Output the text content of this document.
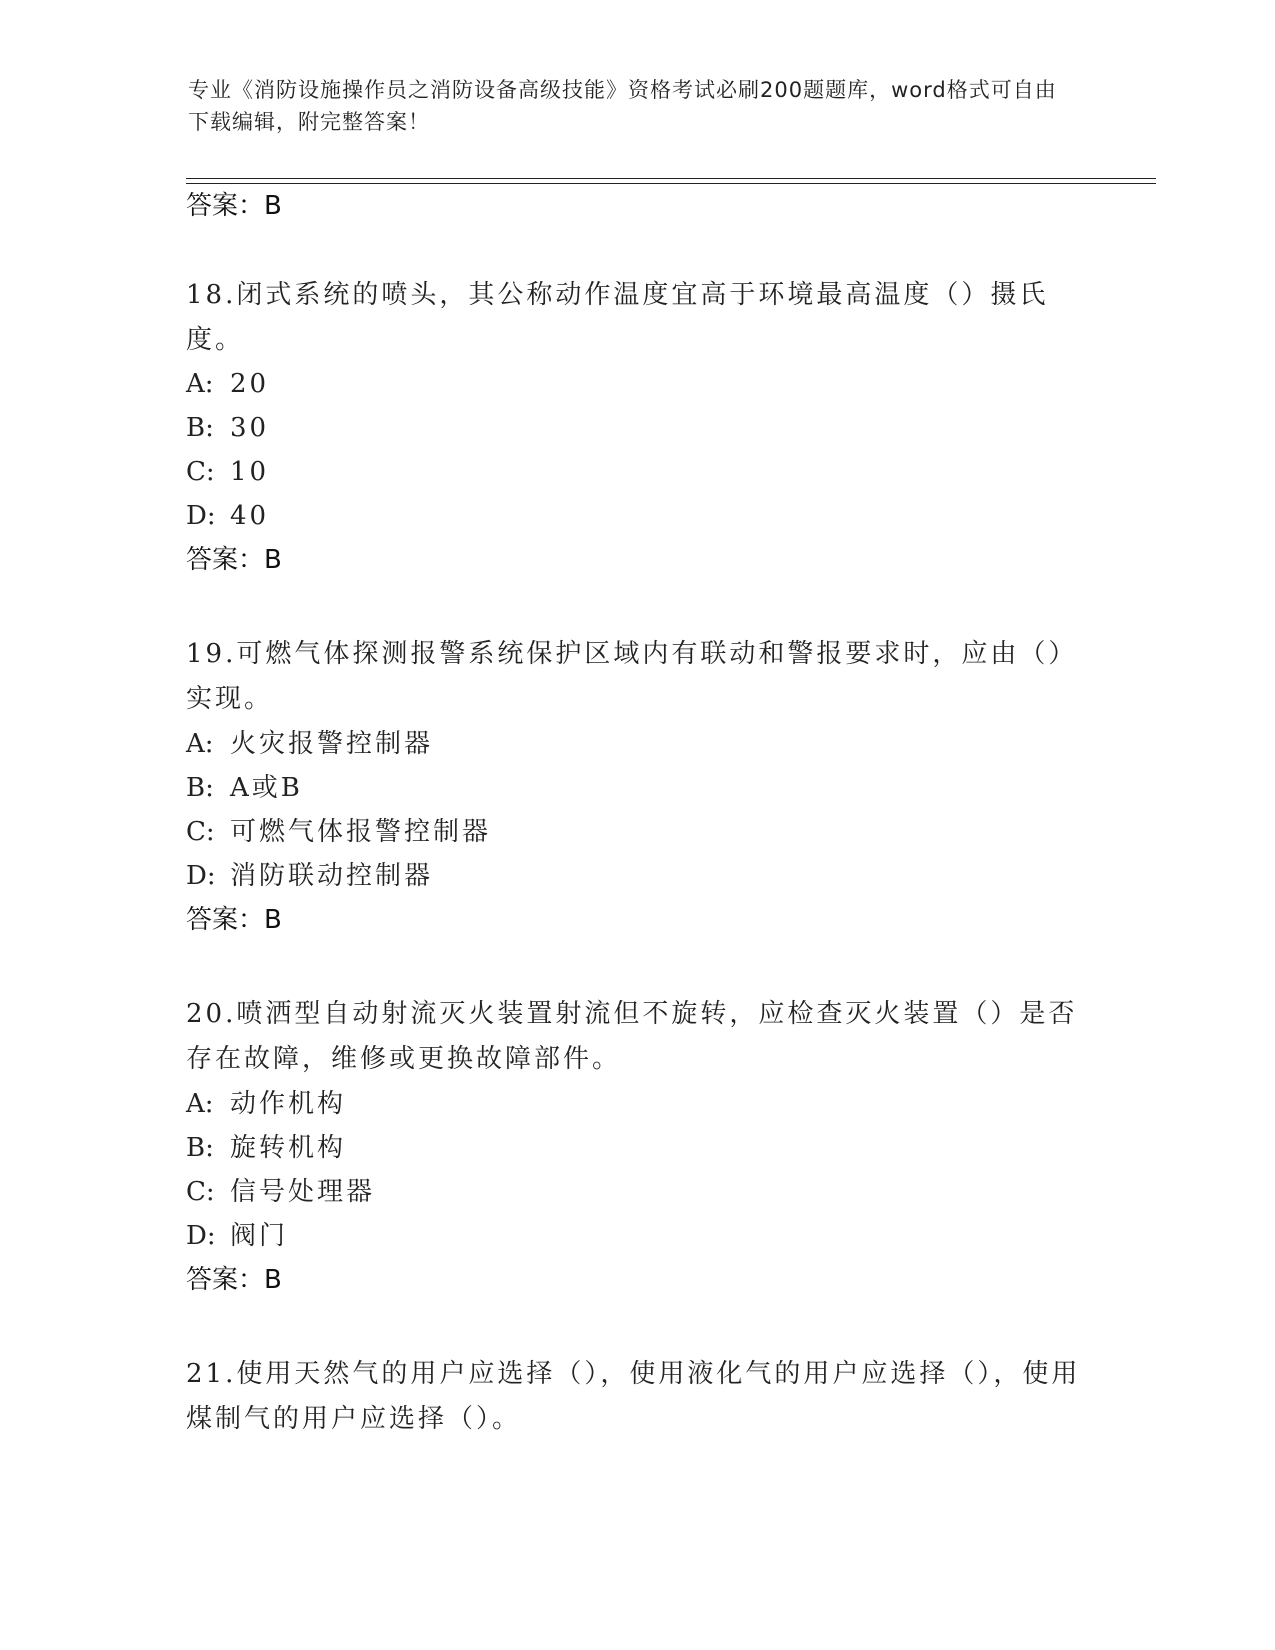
专业《消防设施操作员之消防设备高级技能》资格考试必刷200题题库，word格式可自由下载编辑，附完整答案！
答案：B
18.闭式系统的喷头，其公称动作温度宜高于环境最高温度（）摄氏度。
A: 20
B: 30
C: 10
D: 40
答案：B
19.可燃气体探测报警系统保护区域内有联动和警报要求时，应由（）实现。
A: 火灾报警控制器
B: A或B
C: 可燃气体报警控制器
D: 消防联动控制器
答案：B
20.喷洒型自动射流灭火装置射流但不旋转，应检查灭火装置（）是否存在故障，维修或更换故障部件。
A: 动作机构
B: 旋转机构
C: 信号处理器
D: 阀门
答案：B
21.使用天然气的用户应选择（），使用液化气的用户应选择（），使用煤制气的用户应选择（）。
